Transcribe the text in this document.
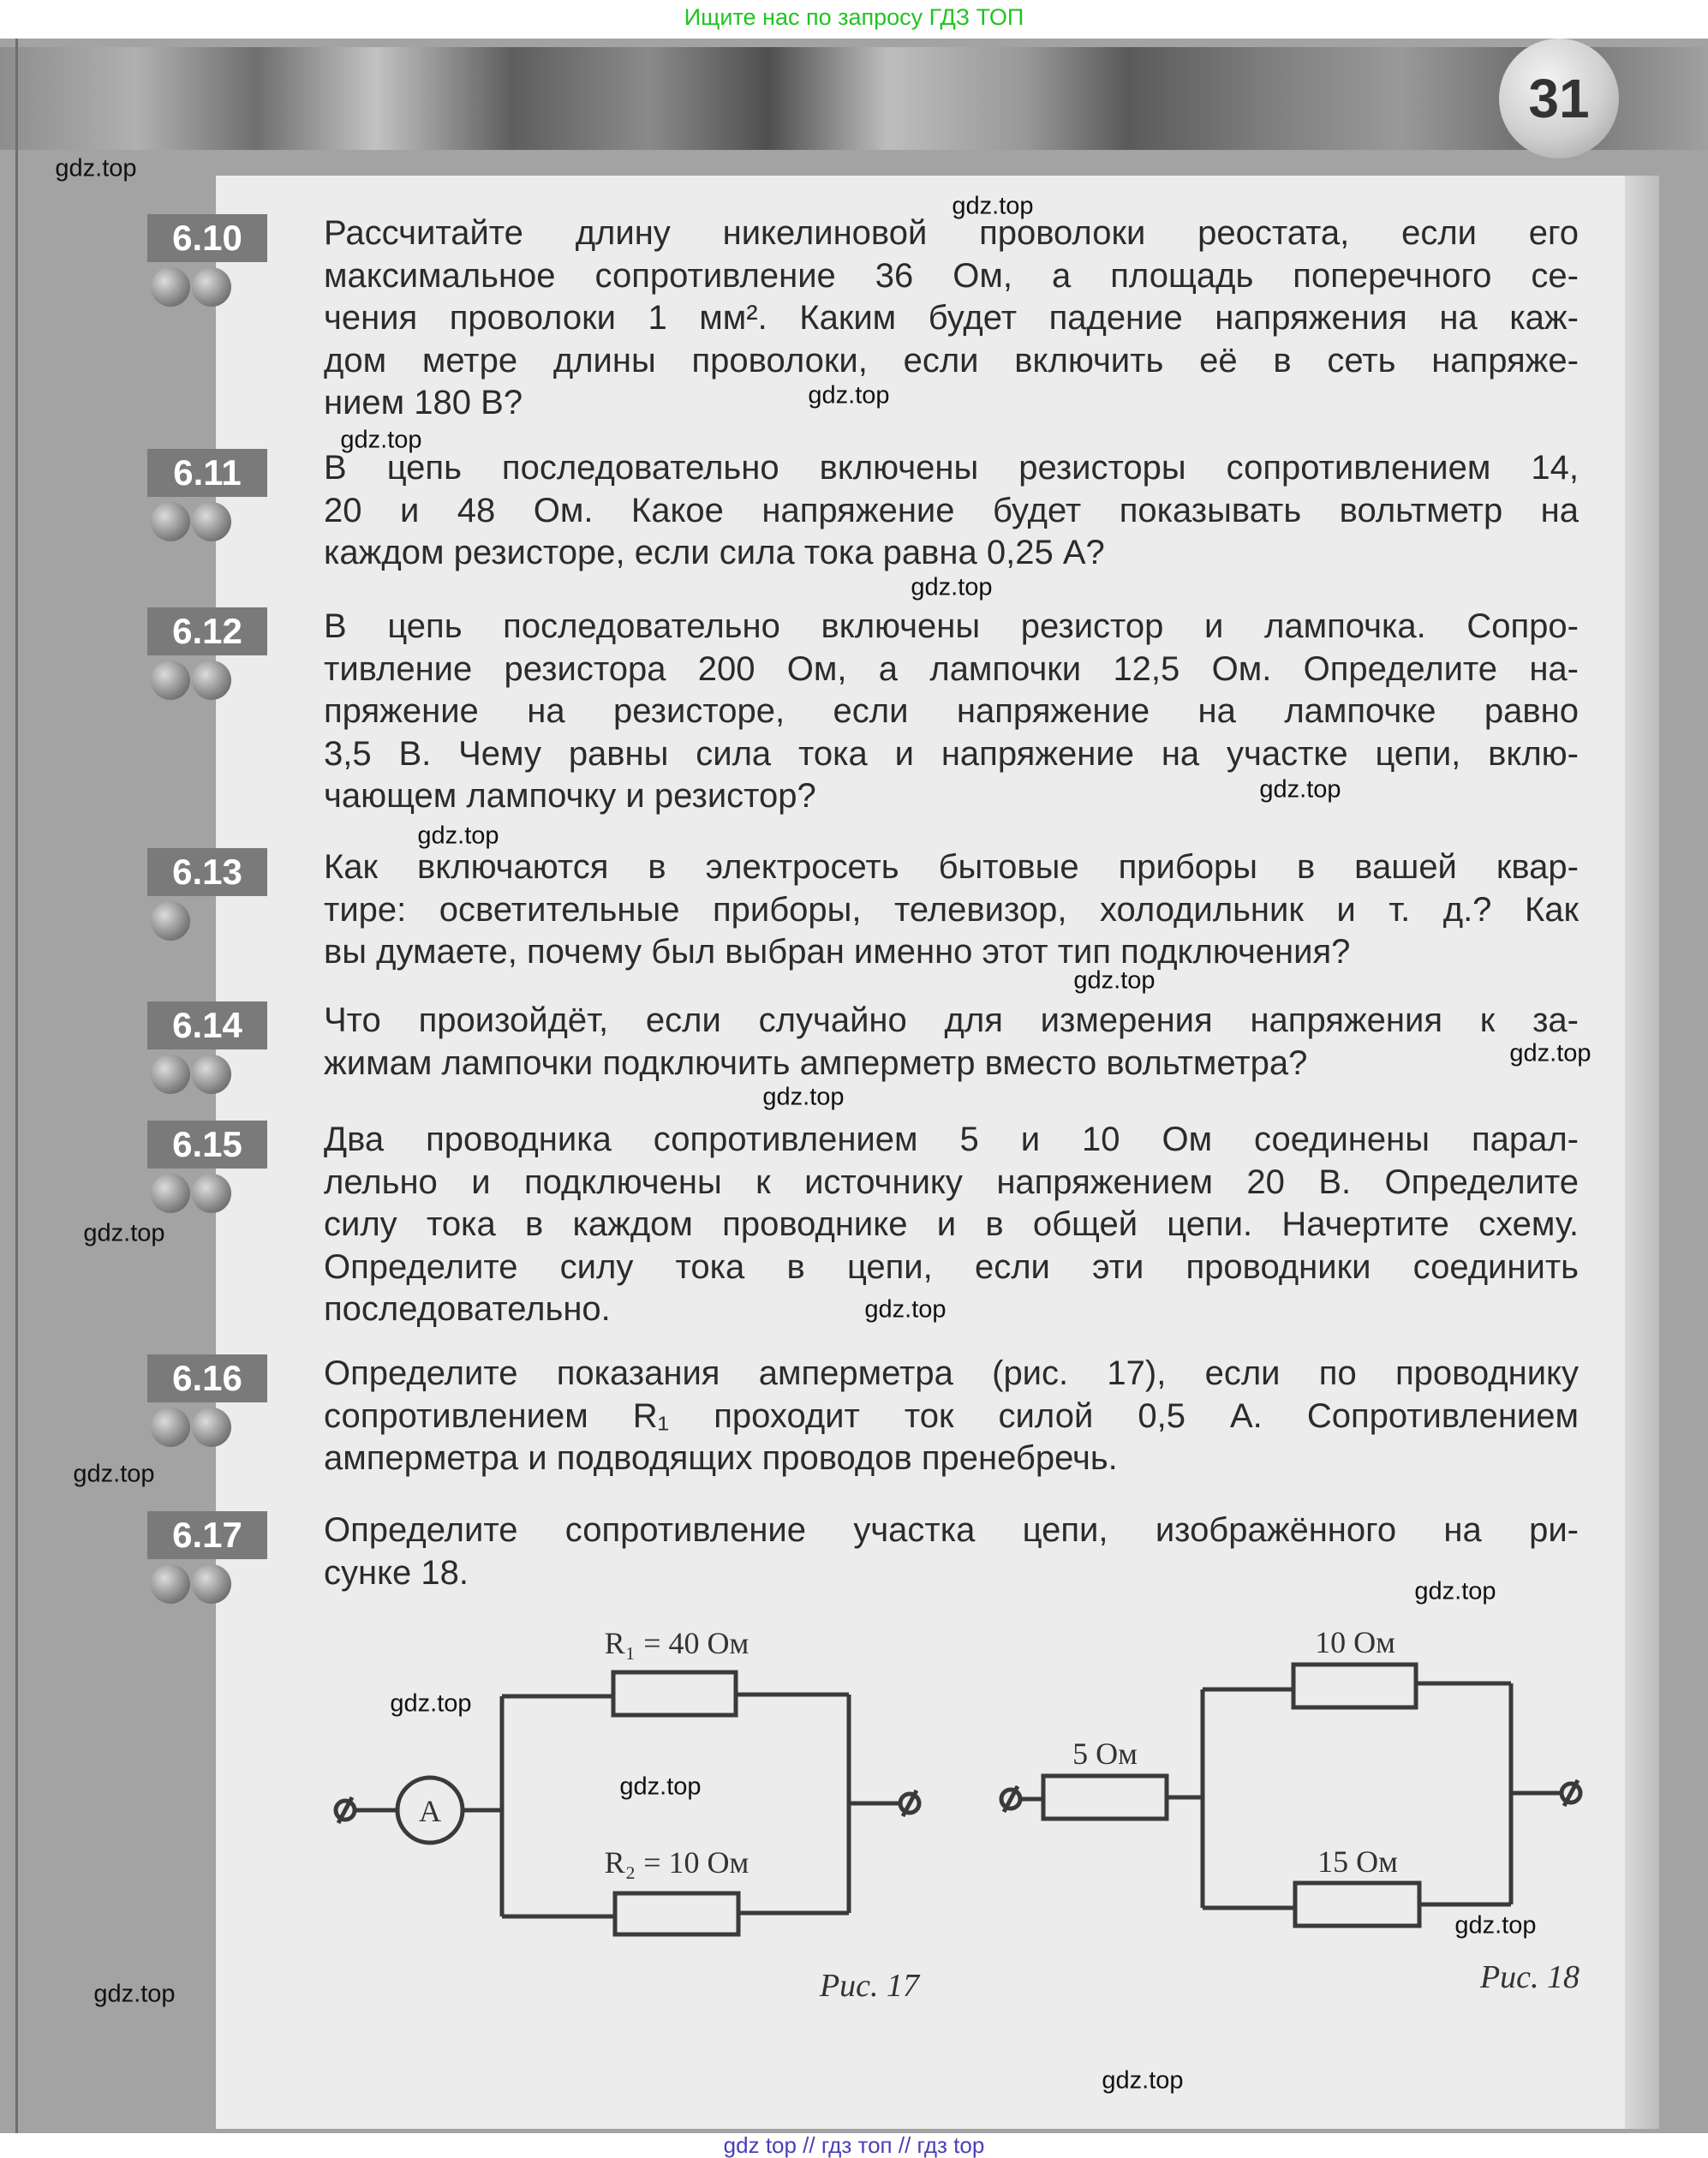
Ищите нас по запросу ГДЗ ТОП
31
6.10	Рассчитайте длину никелиновой проволоки реостата, если его
максимальное сопротивление 36 Ом, а площадь поперечного се-
чения проволоки 1 мм². Каким будет падение напряжения на каж-
дом метре длины проволоки, если включить её в сеть напряже-
нием 180 В?
6.11	В цепь последовательно включены резисторы сопротивлением 14,
20 и 48 Ом. Какое напряжение будет показывать вольтметр на
каждом резисторе, если сила тока равна 0,25 А?
6.12	В цепь последовательно включены резистор и лампочка. Сопро-
тивление резистора 200 Ом, а лампочки 12,5 Ом. Определите на-
пряжение на резисторе, если напряжение на лампочке равно
3,5 В. Чему равны сила тока и напряжение на участке цепи, вклю-
чающем лампочку и резистор?
6.13	Как включаются в электросеть бытовые приборы в вашей квар-
тире: осветительные приборы, телевизор, холодильник и т. д.? Как
вы думаете, почему был выбран именно этот тип подключения?
6.14	Что произойдёт, если случайно для измерения напряжения к за-
жимам лампочки подключить амперметр вместо вольтметра?
6.15	Два проводника сопротивлением 5 и 10 Ом соединены парал-
лельно и подключены к источнику напряжением 20 В. Определите
силу тока в каждом проводнике и в общей цепи. Начертите схему.
Определите силу тока в цепи, если эти проводники соединить
последовательно.
6.16	Определите показания амперметра (рис. 17), если по проводнику
сопротивлением R₁ проходит ток силой 0,5 А. Сопротивлением
амперметра и подводящих проводов пренебречь.
6.17	Определите сопротивление участка цепи, изображённого на ри-
сунке 18.
A
R₁ = 40 Ом
R₂ = 10 Ом
Рис. 17
5 Ом
10 Ом
15 Ом
Рис. 18
gdz.top
gdz.top
gdz.top
gdz.top
gdz.top
gdz.top
gdz.top
gdz.top
gdz.top
gdz.top
gdz.top
gdz.top
gdz.top
gdz.top
gdz.top
gdz.top
gdz.top
gdz.top
gdz.top
gdz top // гдз топ // гдз top
